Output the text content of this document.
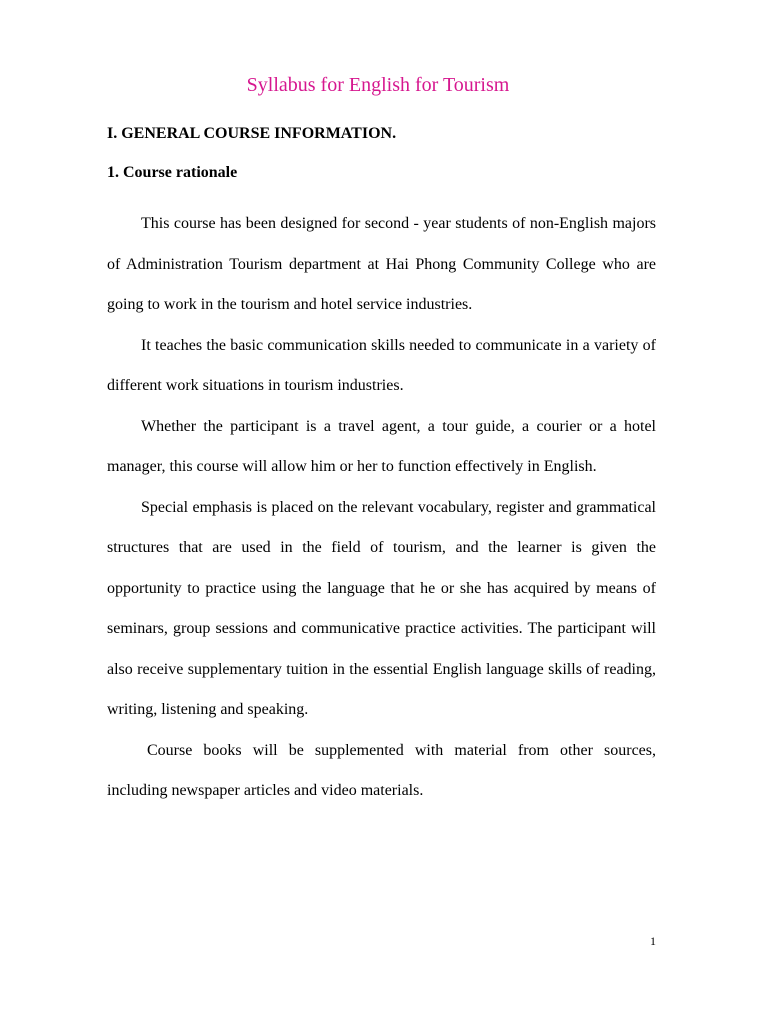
Syllabus for English for Tourism
I. GENERAL COURSE INFORMATION.
1. Course rationale

This course has been designed for second - year students of non-English majors of Administration Tourism department at Hai Phong Community College who are going to work in the tourism and hotel service industries.

It teaches the basic communication skills needed to communicate in a variety of different work situations in tourism industries.

Whether the participant is a travel agent, a tour guide, a courier or a hotel manager, this course will allow him or her to function effectively in English.

Special emphasis is placed on the relevant vocabulary, register and grammatical structures that are used in the field of tourism, and the learner is given the opportunity to practice using the language that he or she has acquired by means of seminars, group sessions and communicative practice activities. The participant will also receive supplementary tuition in the essential English language skills of reading, writing, listening and speaking.

Course books will be supplemented with material from other sources, including newspaper articles and video materials.

1
